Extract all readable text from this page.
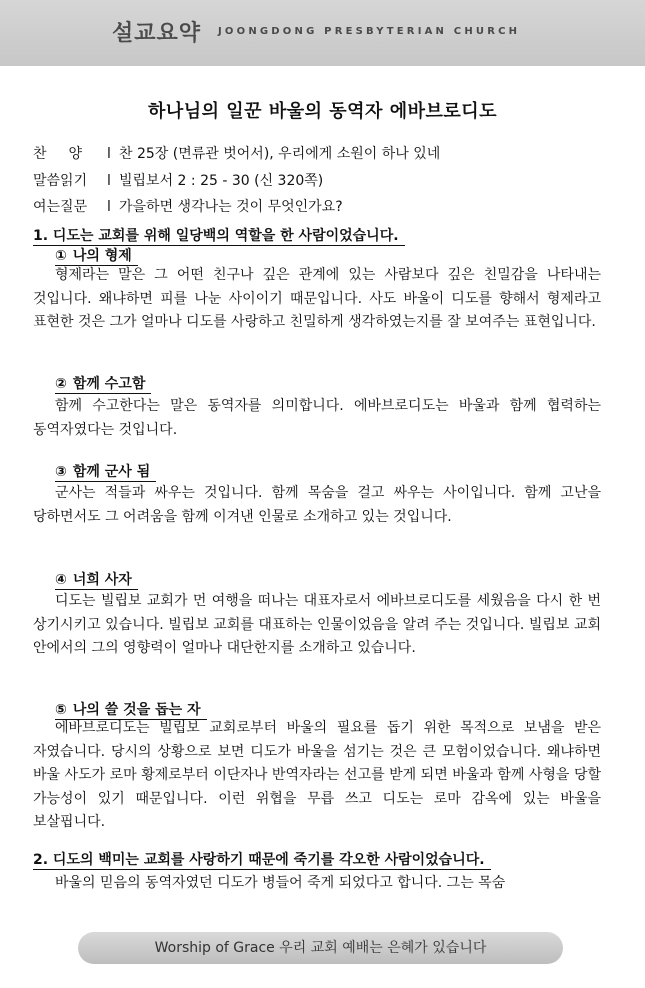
설교요약 JOONGDONG PRESBYTERIAN CHURCH
하나님의 일꾼 바울의 동역자 에바브로디도
찬양 l 찬 25장 (면류관 벗어서), 우리에게 소원이 하나 있네
말씀읽기 l 빌립보서 2 : 25 - 30 (신 320쪽)
여는질문 l 가을하면 생각나는 것이 무엇인가요?
1. 디도는 교회를 위해 일당백의 역할을 한 사람이었습니다.
① 나의 형제

형제라는 말은 그 어떤 친구나 깊은 관계에 있는 사람보다 깊은 친밀감을 나타내는 것입니다. 왜냐하면 피를 나눈 사이이기 때문입니다. 사도 바울이 디도를 향해서 형제라고 표현한 것은 그가 얼마나 디도를 사랑하고 친밀하게 생각하였는지를 잘 보여주는 표현입니다.

② 함께 수고함

함께 수고한다는 말은 동역자를 의미합니다. 에바브로디도는 바울과 함께 협력하는 동역자였다는 것입니다.

③ 함께 군사 됨

군사는 적들과 싸우는 것입니다. 함께 목숨을 걸고 싸우는 사이입니다. 함께 고난을 당하면서도 그 어려움을 함께 이겨낸 인물로 소개하고 있는 것입니다.

④ 너희 사자

디도는 빌립보 교회가 먼 여행을 떠나는 대표자로서 에바브로디도를 세웠음을 다시 한 번 상기시키고 있습니다. 빌립보 교회를 대표하는 인물이었음을 알려 주는 것입니다. 빌립보 교회 안에서의 그의 영향력이 얼마나 대단한지를 소개하고 있습니다.

⑤ 나의 쓸 것을 돕는 자

에바브로디도는 빌립보 교회로부터 바울의 필요를 돕기 위한 목적으로 보냄을 받은 자였습니다. 당시의 상황으로 보면 디도가 바울을 섬기는 것은 큰 모험이었습니다. 왜냐하면 바울 사도가 로마 황제로부터 이단자나 반역자라는 선고를 받게 되면 바울과 함께 사형을 당할 가능성이 있기 때문입니다. 이런 위협을 무릅 쓰고 디도는 로마 감옥에 있는 바울을 보살핍니다.

2. 디도의 백미는 교회를 사랑하기 때문에 죽기를 각오한 사람이었습니다.

바울의 믿음의 동역자였던 디도가 병들어 죽게 되었다고 합니다. 그는 목숨

Worship of Grace 우리 교회 예배는 은혜가 있습니다
